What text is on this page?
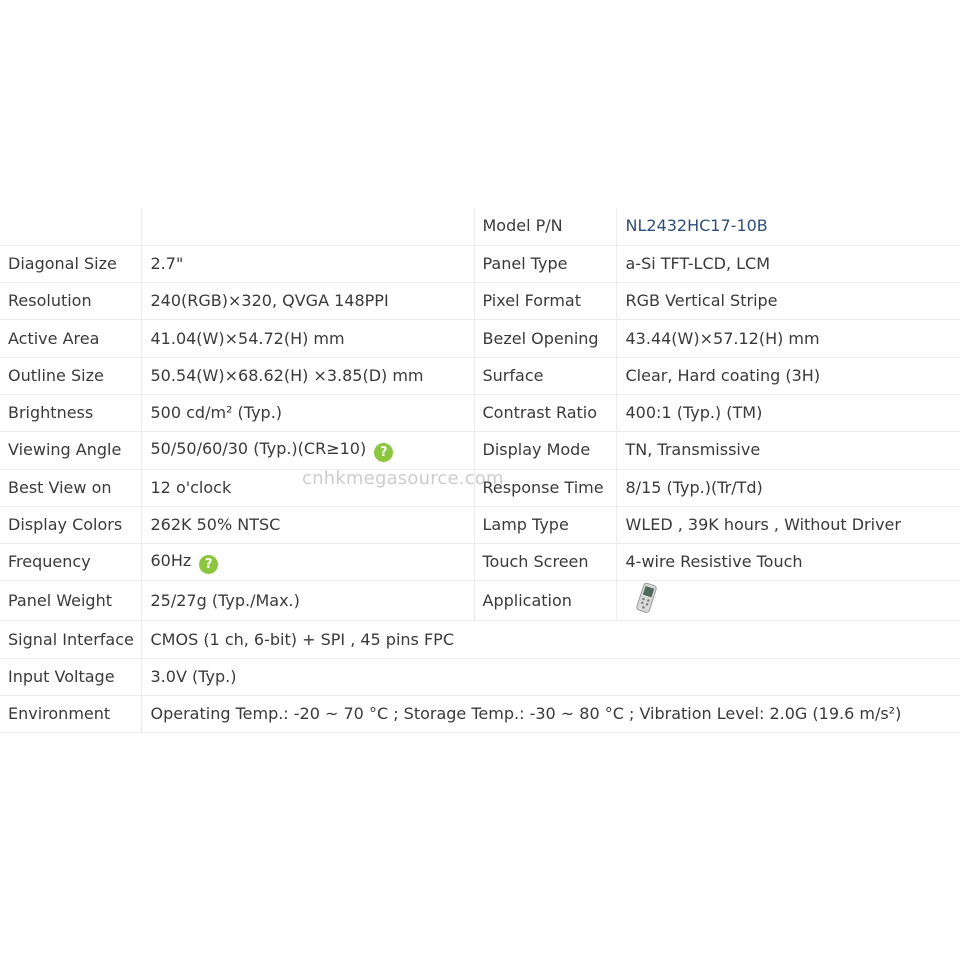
		Model P/N	NL2432HC17-10B
Diagonal Size	2.7"	Panel Type	a-Si TFT-LCD, LCM
Resolution	240(RGB)×320, QVGA 148PPI	Pixel Format	RGB Vertical Stripe
Active Area	41.04(W)×54.72(H) mm	Bezel Opening	43.44(W)×57.12(H) mm
Outline Size	50.54(W)×68.62(H) ×3.85(D) mm	Surface	Clear, Hard coating (3H)
Brightness	500 cd/m² (Typ.)	Contrast Ratio	400:1 (Typ.) (TM)
Viewing Angle	50/50/60/30 (Typ.)(CR≥10) ?	Display Mode	TN, Transmissive
Best View on	12 o'clock	Response Time	8/15 (Typ.)(Tr/Td)
Display Colors	262K 50% NTSC	Lamp Type	WLED , 39K hours , Without Driver
Frequency	60Hz ?	Touch Screen	4-wire Resistive Touch
Panel Weight	25/27g (Typ./Max.)	Application	
Signal Interface	CMOS (1 ch, 6-bit) + SPI , 45 pins FPC		
Input Voltage	3.0V (Typ.)		
Environment	Operating Temp.: -20 ~ 70 °C ; Storage Temp.: -30 ~ 80 °C ; Vibration Level: 2.0G (19.6 m/s²)		
cnhkmegasource.com
